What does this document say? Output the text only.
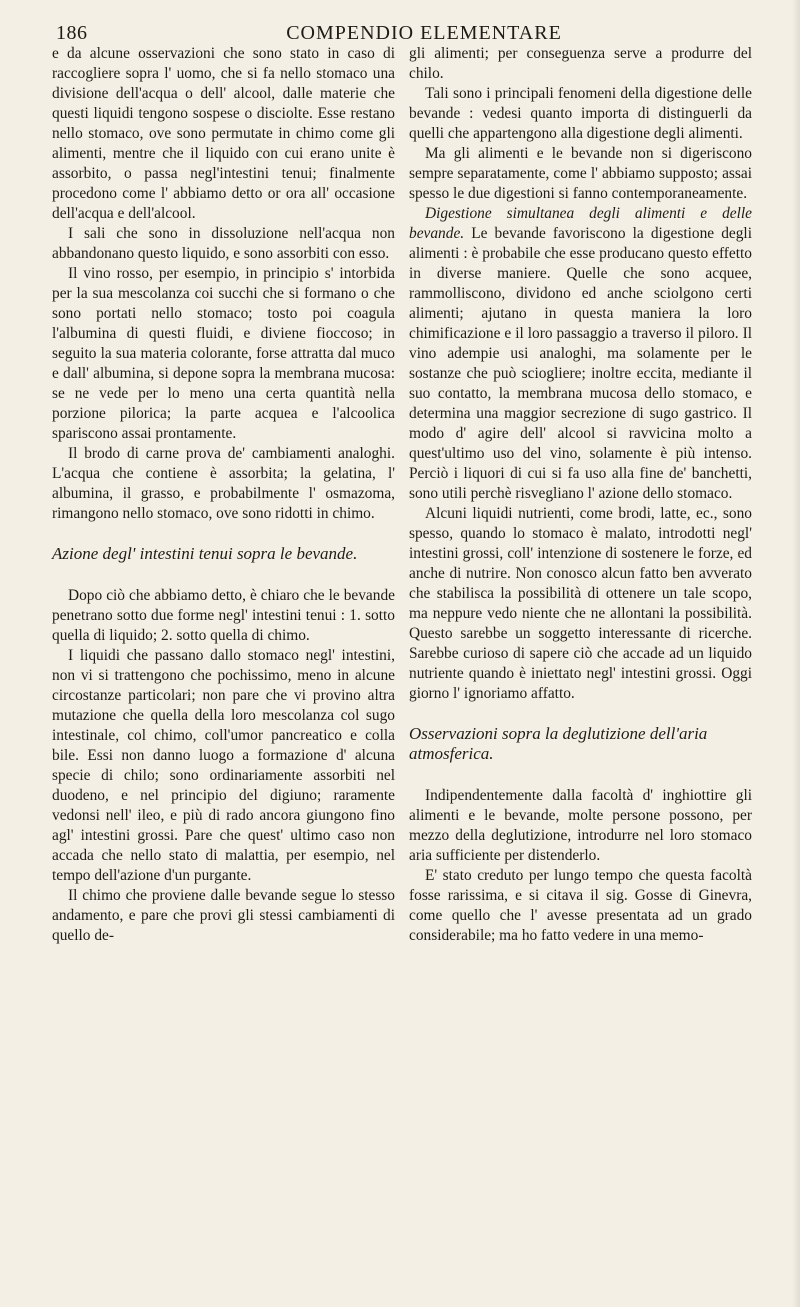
186	COMPENDIO ELEMENTARE

e da alcune osservazioni che sono stato in caso di raccogliere sopra l' uomo, che si fa nello stomaco una divisione dell'acqua o dell' alcool, dalle materie che questi liquidi tengono sospese o disciolte. Esse restano nello stomaco, ove sono permutate in chimo come gli alimenti, mentre che il liquido con cui erano unite è assorbito, o passa negl'intestini tenui; finalmente procedono come l' abbiamo detto or ora all' occasione dell'acqua e dell'alcool.

I sali che sono in dissoluzione nell'acqua non abbandonano questo liquido, e sono assorbiti con esso.

Il vino rosso, per esempio, in principio s' intorbida per la sua mescolanza coi succhi che si formano o che sono portati nello stomaco; tosto poi coagula l'albumina di questi fluidi, e diviene fioccoso; in seguito la sua materia colorante, forse attratta dal muco e dall' albumina, si depone sopra la membrana mucosa: se ne vede per lo meno una certa quantità nella porzione pilorica; la parte acquea e l'alcoolica spariscono assai prontamente.

Il brodo di carne prova de' cambiamenti analoghi. L'acqua che contiene è assorbita; la gelatina, l' albumina, il grasso, e probabilmente l' osmazoma, rimangono nello stomaco, ove sono ridotti in chimo.

Azione degl' intestini tenui sopra le bevande.

Dopo ciò che abbiamo detto, è chiaro che le bevande penetrano sotto due forme negl' intestini tenui : 1. sotto quella di liquido; 2. sotto quella di chimo.

I liquidi che passano dallo stomaco negl' intestini, non vi si trattengono che pochissimo, meno in alcune circostanze particolari; non pare che vi provino altra mutazione che quella della loro mescolanza col sugo intestinale, col chimo, coll'umor pancreatico e colla bile. Essi non danno luogo a formazione d' alcuna specie di chilo; sono ordinariamente assorbiti nel duodeno, e nel principio del digiuno; raramente vedonsi nell' ileo, e più di rado ancora giungono fino agl' intestini grossi. Pare che quest' ultimo caso non accada che nello stato di malattia, per esempio, nel tempo dell'azione d'un purgante.

Il chimo che proviene dalle bevande segue lo stesso andamento, e pare che provi gli stessi cambiamenti di quello de-

gli alimenti; per conseguenza serve a produrre del chilo.

Tali sono i principali fenomeni della digestione delle bevande : vedesi quanto importa di distinguerli da quelli che appartengono alla digestione degli alimenti.

Ma gli alimenti e le bevande non si digeriscono sempre separatamente, come l' abbiamo supposto; assai spesso le due digestioni si fanno contemporaneamente.

Digestione simultanea degli alimenti e delle bevande. Le bevande favoriscono la digestione degli alimenti : è probabile che esse producano questo effetto in diverse maniere. Quelle che sono acquee, rammolliscono, dividono ed anche sciolgono certi alimenti; ajutano in questa maniera la loro chimificazione e il loro passaggio a traverso il piloro. Il vino adempie usi analoghi, ma solamente per le sostanze che può sciogliere; inoltre eccita, mediante il suo contatto, la membrana mucosa dello stomaco, e determina una maggior secrezione di sugo gastrico. Il modo d' agire dell' alcool si ravvicina molto a quest'ultimo uso del vino, solamente è più intenso. Perciò i liquori di cui si fa uso alla fine de' banchetti, sono utili perchè risvegliano l' azione dello stomaco.

Alcuni liquidi nutrienti, come brodi, latte, ec., sono spesso, quando lo stomaco è malato, introdotti negl' intestini grossi, coll' intenzione di sostenere le forze, ed anche di nutrire. Non conosco alcun fatto ben avverato che stabilisca la possibilità di ottenere un tale scopo, ma neppure vedo niente che ne allontani la possibilità. Questo sarebbe un soggetto interessante di ricerche. Sarebbe curioso di sapere ciò che accade ad un liquido nutriente quando è iniettato negl' intestini grossi. Oggi giorno l' ignoriamo affatto.

Osservazioni sopra la deglutizione dell'aria atmosferica.

Indipendentemente dalla facoltà d' inghiottire gli alimenti e le bevande, molte persone possono, per mezzo della deglutizione, introdurre nel loro stomaco aria sufficiente per distenderlo.

E' stato creduto per lungo tempo che questa facoltà fosse rarissima, e si citava il sig. Gosse di Ginevra, come quello che l' avesse presentata ad un grado considerabile; ma ho fatto vedere in una memo-
